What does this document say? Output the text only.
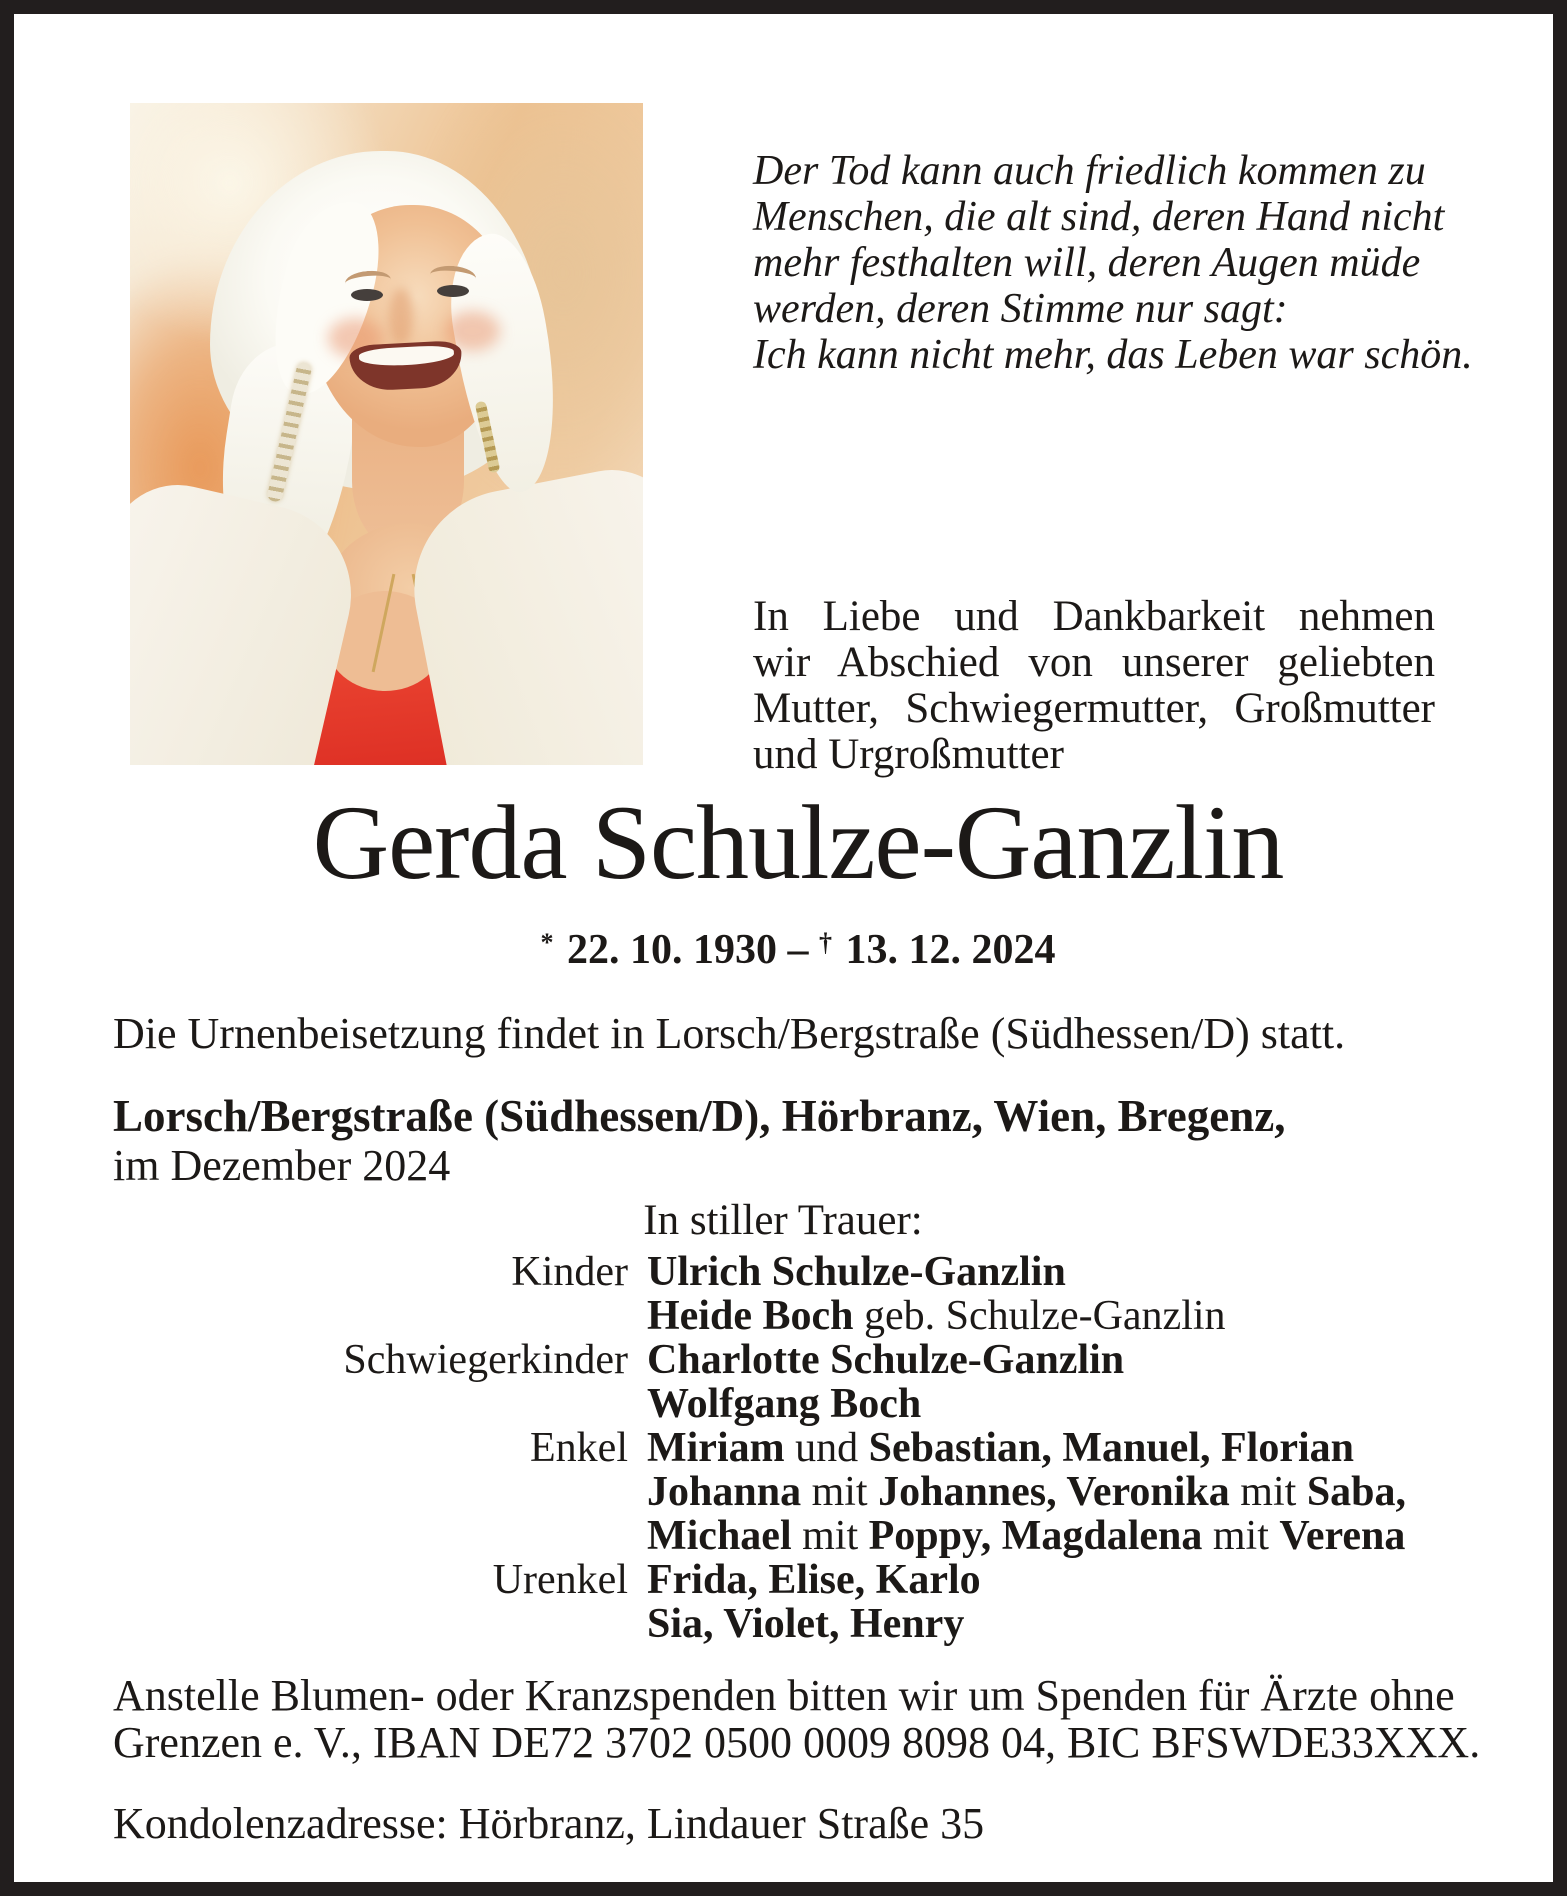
Der Tod kann auch friedlich kommen zu
Menschen, die alt sind, deren Hand nicht
mehr festhalten will, deren Augen müde
werden, deren Stimme nur sagt:
Ich kann nicht mehr, das Leben war schön.
In Liebe und Dankbarkeit nehmen
wir Abschied von unserer geliebten
Mutter, Schwiegermutter, Großmutter
und Urgroßmutter
Gerda Schulze-Ganzlin
* 22. 10. 1930 – † 13. 12. 2024
Die Urnenbeisetzung findet in Lorsch/Bergstraße (Südhessen/D) statt.
Lorsch/Bergstraße (Südhessen/D), Hörbranz, Wien, Bregenz,
im Dezember 2024
In stiller Trauer:
Kinder Ulrich Schulze-Ganzlin
Heide Boch geb. Schulze-Ganzlin
Schwiegerkinder Charlotte Schulze-Ganzlin
Wolfgang Boch
Enkel Miriam und Sebastian, Manuel, Florian
Johanna mit Johannes, Veronika mit Saba,
Michael mit Poppy, Magdalena mit Verena
Urenkel Frida, Elise, Karlo
Sia, Violet, Henry
Anstelle Blumen- oder Kranzspenden bitten wir um Spenden für Ärzte ohne
Grenzen e. V., IBAN DE72 3702 0500 0009 8098 04, BIC BFSWDE33XXX.
Kondolenzadresse: Hörbranz, Lindauer Straße 35
